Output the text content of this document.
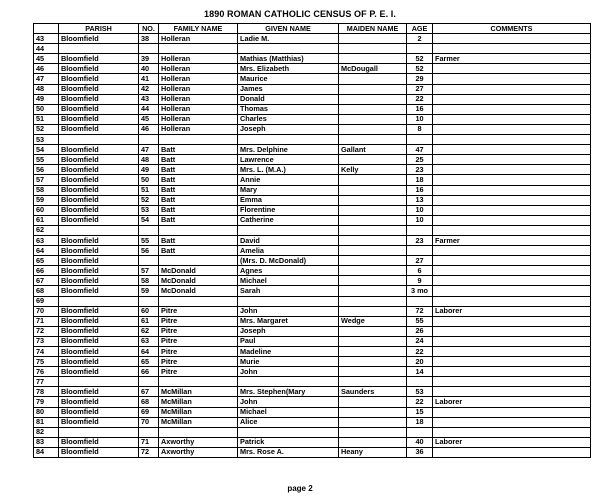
1890 ROMAN CATHOLIC CENSUS OF P. E. I.
	PARISH	NO.	FAMILY NAME	GIVEN NAME	MAIDEN NAME	AGE	COMMENTS
43	Bloomfield	38	Holleran	Ladie M.		2	
44							
45	Bloomfield	39	Holleran	Mathias (Matthias)		52	Farmer
46	Bloomfield	40	Holleran	Mrs. Elizabeth	McDougall	52	
47	Bloomfield	41	Holleran	Maurice		29	
48	Bloomfield	42	Holleran	James		27	
49	Bloomfield	43	Holleran	Donald		22	
50	Bloomfield	44	Holleran	Thomas		16	
51	Bloomfield	45	Holleran	Charles		10	
52	Bloomfield	46	Holleran	Joseph		8	
53							
54	Bloomfield	47	Batt	Mrs. Delphine	Gallant	47	
55	Bloomfield	48	Batt	Lawrence		25	
56	Bloomfield	49	Batt	Mrs. L. (M.A.)	Kelly	23	
57	Bloomfield	50	Batt	Annie		18	
58	Bloomfield	51	Batt	Mary		16	
59	Bloomfield	52	Batt	Emma		13	
60	Bloomfield	53	Batt	Florentine		10	
61	Bloomfield	54	Batt	Catherine		10	
62							
63	Bloomfield	55	Batt	David		23	Farmer
64	Bloomfield	56	Batt	Amelia			
65	Bloomfield			(Mrs. D. McDonald)		27	
66	Bloomfield	57	McDonald	Agnes		6	
67	Bloomfield	58	McDonald	Michael		9	
68	Bloomfield	59	McDonald	Sarah		3 mo	
69							
70	Bloomfield	60	Pitre	John		72	Laborer
71	Bloomfield	61	Pitre	Mrs. Margaret	Wedge	55	
72	Bloomfield	62	Pitre	Joseph		26	
73	Bloomfield	63	Pitre	Paul		24	
74	Bloomfield	64	Pitre	Madeline		22	
75	Bloomfield	65	Pitre	Murie		20	
76	Bloomfield	66	Pitre	John		14	
77							
78	Bloomfield	67	McMillan	Mrs. Stephen(Mary	Saunders	53	
79	Bloomfield	68	McMillan	John		22	Laborer
80	Bloomfield	69	McMillan	Michael		15	
81	Bloomfield	70	McMillan	Alice		18	
82							
83	Bloomfield	71	Axworthy	Patrick		40	Laborer
84	Bloomfield	72	Axworthy	Mrs. Rose A.	Heany	36	
page 2
